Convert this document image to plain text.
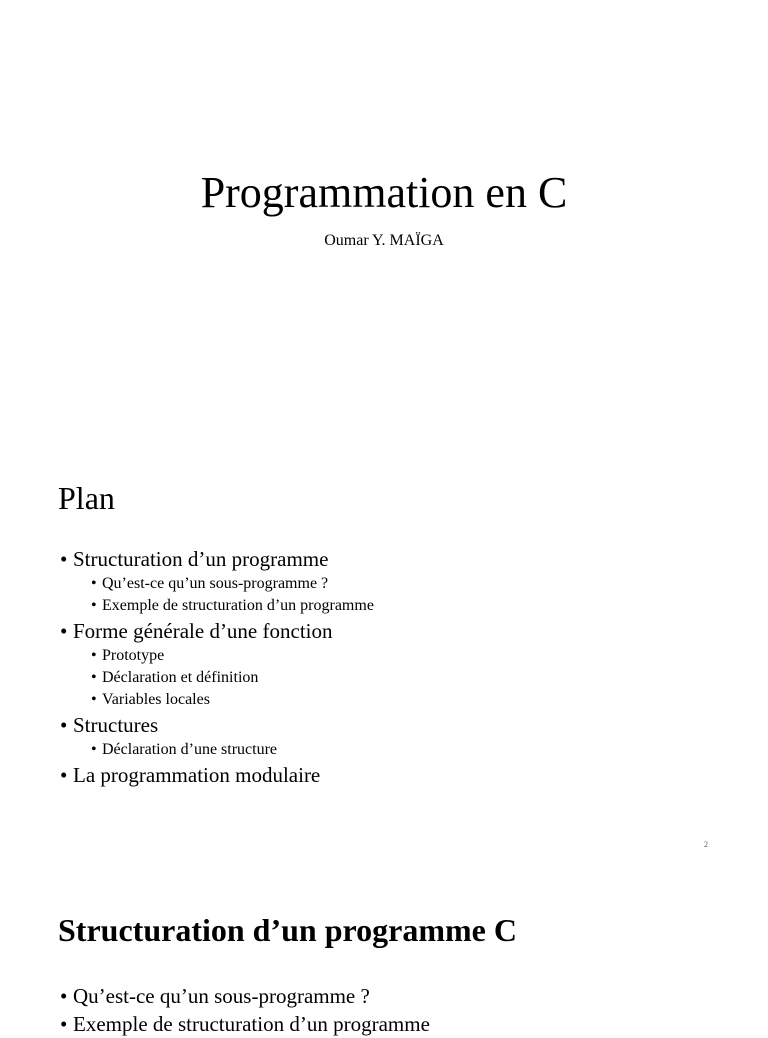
Programmation en C
Oumar Y. MAÏGA
Plan
• Structuration d’un programme
• Qu’est-ce qu’un sous-programme ?
• Exemple de structuration d’un programme
• Forme générale d’une fonction
• Prototype
• Déclaration et définition
• Variables locales
• Structures
• Déclaration d’une structure
• La programmation modulaire
2
Structuration d’un programme C
• Qu’est-ce qu’un sous-programme ?
• Exemple de structuration d’un programme
